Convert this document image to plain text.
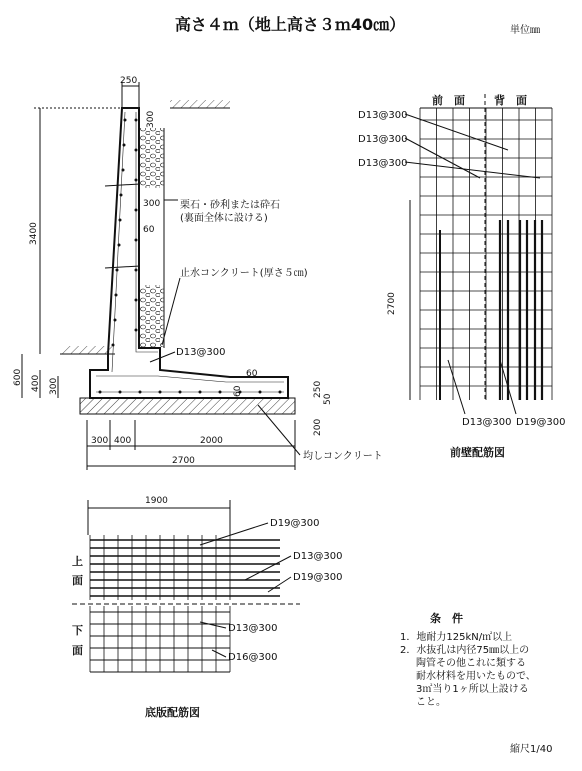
高さ４ｍ（地上高さ３ｍ40㎝）	単位㎜
250
3400
300
300
60
600 400 300	250
50
60
60
200
300 400	2000
2700
栗石・砂利または砕石
(裏面全体に設ける)
止水コンクリート(厚さ５㎝)
D13@300
均しコンクリート
前　面	背　面
D13@300
D13@300
D13@300
2700
D13@300 D19@300
前壁配筋図
1900
上
面
下
面
D19@300
D13@300
D19@300
D13@300
D16@300
底版配筋図
条　件
1．地耐力125kN/㎡以上
2．水抜孔は内径75㎜以上の
陶管その他これに類する
耐水材料を用いたもので、
3㎡当り1ヶ所以上設ける
こと。
縮尺1/40
